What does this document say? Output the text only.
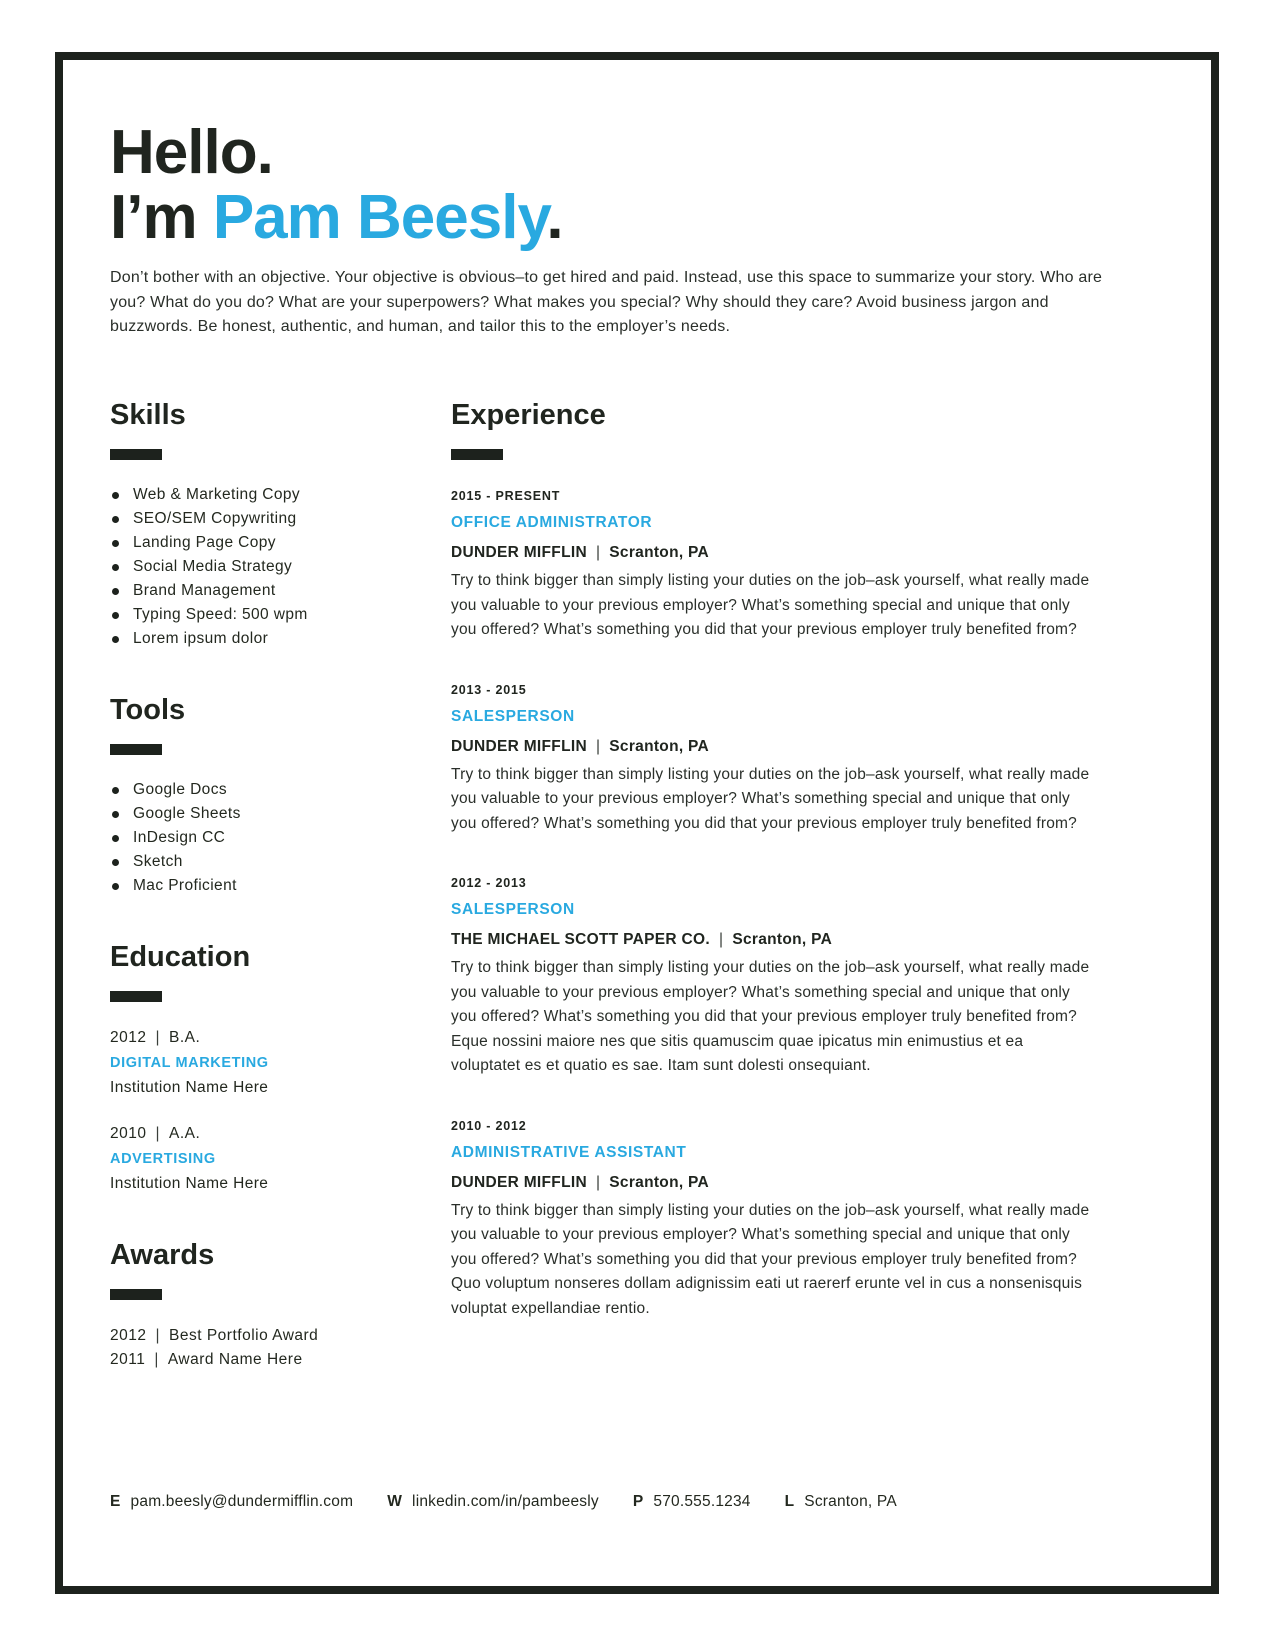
Hello.
I’m Pam Beesly.

Don’t bother with an objective. Your objective is obvious–to get hired and paid. Instead, use this space to summarize your story. Who are you? What do you do? What are your superpowers? What makes you special? Why should they care? Avoid business jargon and buzzwords. Be honest, authentic, and human, and tailor this to the employer’s needs.

Skills
Web & Marketing Copy
SEO/SEM Copywriting
Landing Page Copy
Social Media Strategy
Brand Management
Typing Speed: 500 wpm
Lorem ipsum dolor
Tools
Google Docs
Google Sheets
InDesign CC
Sketch
Mac Proficient
Education
2012 | B.A.
DIGITAL MARKETING
Institution Name Here
2010 | A.A.
ADVERTISING
Institution Name Here
Awards
2012 | Best Portfolio Award
2011 | Award Name Here
Experience
2015 - PRESENT
OFFICE ADMINISTRATOR
DUNDER MIFFLIN | Scranton, PA

Try to think bigger than simply listing your duties on the job–ask yourself, what really made you valuable to your previous employer? What’s something special and unique that only you offered? What’s something you did that your previous employer truly benefited from?

2013 - 2015
SALESPERSON
DUNDER MIFFLIN | Scranton, PA

Try to think bigger than simply listing your duties on the job–ask yourself, what really made you valuable to your previous employer? What’s something special and unique that only you offered? What’s something you did that your previous employer truly benefited from?

2012 - 2013
SALESPERSON
THE MICHAEL SCOTT PAPER CO. | Scranton, PA

Try to think bigger than simply listing your duties on the job–ask yourself, what really made you valuable to your previous employer? What’s something special and unique that only you offered? What’s something you did that your previous employer truly benefited from? Eque nossini maiore nes que sitis quamuscim quae ipicatus min enimustius et ea voluptatet es et quatio es sae. Itam sunt dolesti onsequiant.

2010 - 2012
ADMINISTRATIVE ASSISTANT
DUNDER MIFFLIN | Scranton, PA

Try to think bigger than simply listing your duties on the job–ask yourself, what really made you valuable to your previous employer? What’s something special and unique that only you offered? What’s something you did that your previous employer truly benefited from? Quo voluptum nonseres dollam adignissim eati ut raererf erunte vel in cus a nonsenisquis voluptat expellandiae rentio.

E pam.beesly@dundermifflin.com W linkedin.com/in/pambeesly P 570.555.1234 L Scranton, PA
